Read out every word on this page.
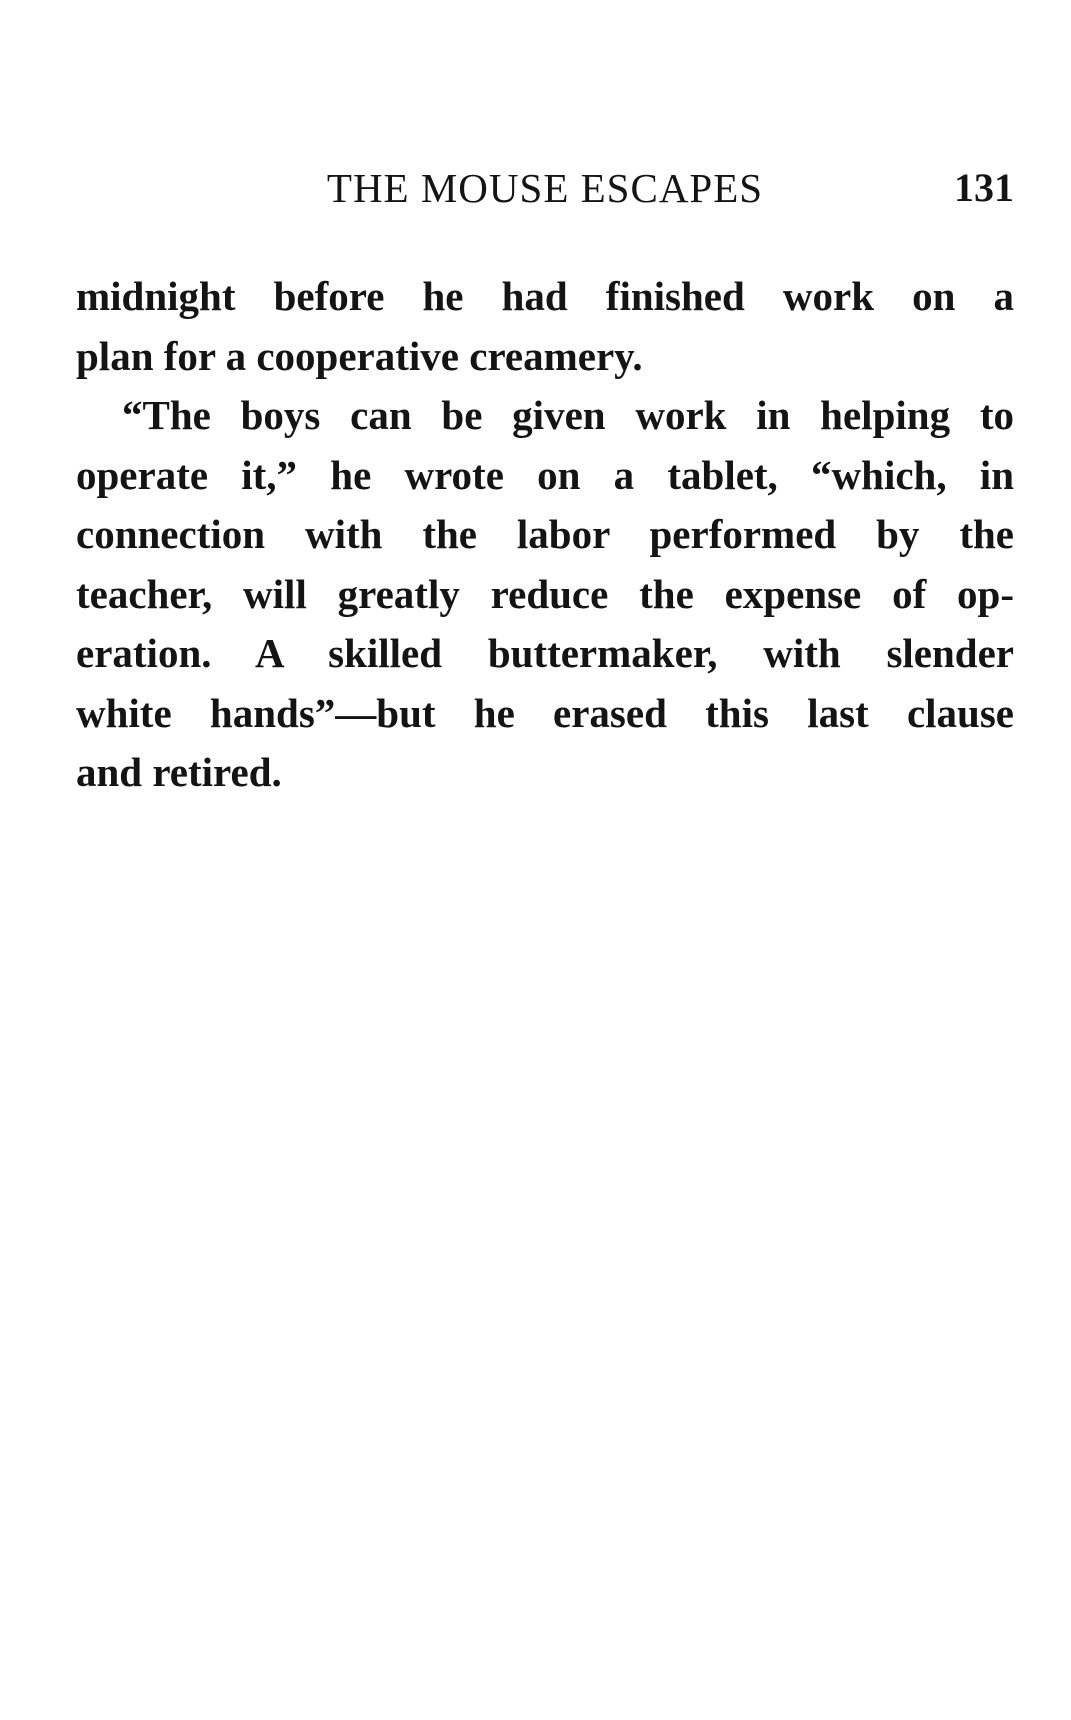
THE MOUSE ESCAPES	131
midnight before he had finished work on a
plan for a cooperative creamery.
“The boys can be given work in helping to
operate it,” he wrote on a tablet, “which, in
connection with the labor performed by the
teacher, will greatly reduce the expense of op-
eration. A skilled buttermaker, with slender
white hands”—but he erased this last clause
and retired.
